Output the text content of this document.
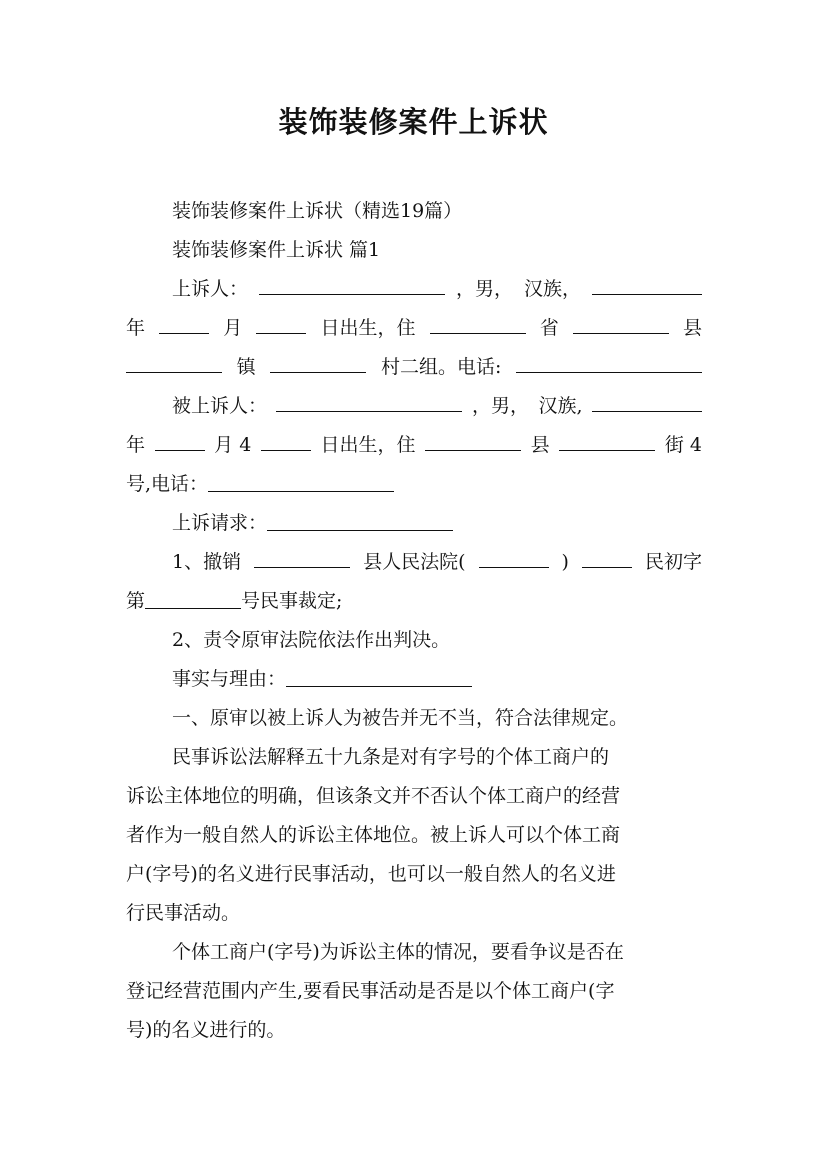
装饰装修案件上诉状
装饰装修案件上诉状（精选19篇）
装饰装修案件上诉状 篇1
上诉人：	，男， 汉族，
年	月	日出生，住	省	县
镇	村二组。电话:
被上诉人：	，男， 汉族,
年	月 4	日出生，住	县	街 4
号,电话：
上诉请求：
1、撤销	县人民法院(	)	民初字
第	号民事裁定;
2、责令原审法院依法作出判决。
事实与理由：
一、原审以被上诉人为被告并无不当，符合法律规定。
民事诉讼法解释五十九条是对有字号的个体工商户的
诉讼主体地位的明确，但该条文并不否认个体工商户的经营
者作为一般自然人的诉讼主体地位。被上诉人可以个体工商
户(字号)的名义进行民事活动，也可以一般自然人的名义进
行民事活动。
个体工商户(字号)为诉讼主体的情况，要看争议是否在
登记经营范围内产生,要看民事活动是否是以个体工商户(字
号)的名义进行的。
